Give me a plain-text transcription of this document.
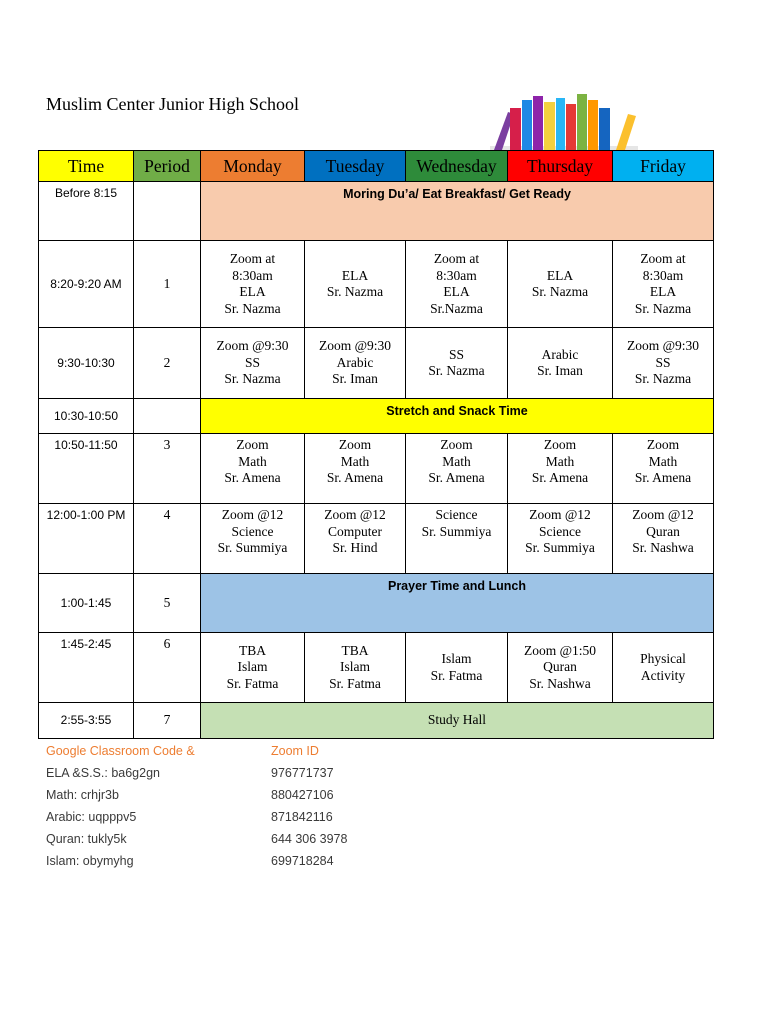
Muslim Center Junior High School
Time	Period	Monday	Tuesday	Wednesday	Thursday	Friday
Before 8:15		Moring Du’a/ Eat Breakfast/ Get Ready				
8:20-9:20 AM	1	Zoom at
8:30am
ELA
Sr. Nazma	ELA
Sr. Nazma	Zoom at
8:30am
ELA
Sr.Nazma	ELA
Sr. Nazma	Zoom at
8:30am
ELA
Sr. Nazma
9:30-10:30	2	Zoom @9:30
SS
Sr. Nazma	Zoom @9:30
Arabic
Sr. Iman	SS
Sr. Nazma	Arabic
Sr. Iman	Zoom @9:30
SS
Sr. Nazma
10:30-10:50		Stretch and Snack Time				
10:50-11:50	3	Zoom
Math
Sr. Amena	Zoom
Math
Sr. Amena	Zoom
Math
Sr. Amena	Zoom
Math
Sr. Amena	Zoom
Math
Sr. Amena
12:00-1:00 PM	4	Zoom @12
Science
Sr. Summiya	Zoom @12
Computer
Sr. Hind	Science
Sr. Summiya	Zoom @12
Science
Sr. Summiya	Zoom @12
Quran
Sr. Nashwa
1:00-1:45	5	Prayer Time and Lunch				
1:45-2:45	6	TBA
Islam
Sr. Fatma	TBA
Islam
Sr. Fatma	Islam
Sr. Fatma	Zoom @1:50
Quran
Sr. Nashwa	Physical
Activity
2:55-3:55	7	Study Hall				
Google Classroom Code &	Zoom ID
ELA &S.S.: ba6g2gn	976771737
Math: crhjr3b	880427106
Arabic: uqpppv5	871842116
Quran: tukly5k	644 306 3978
Islam: obymyhg	699718284
